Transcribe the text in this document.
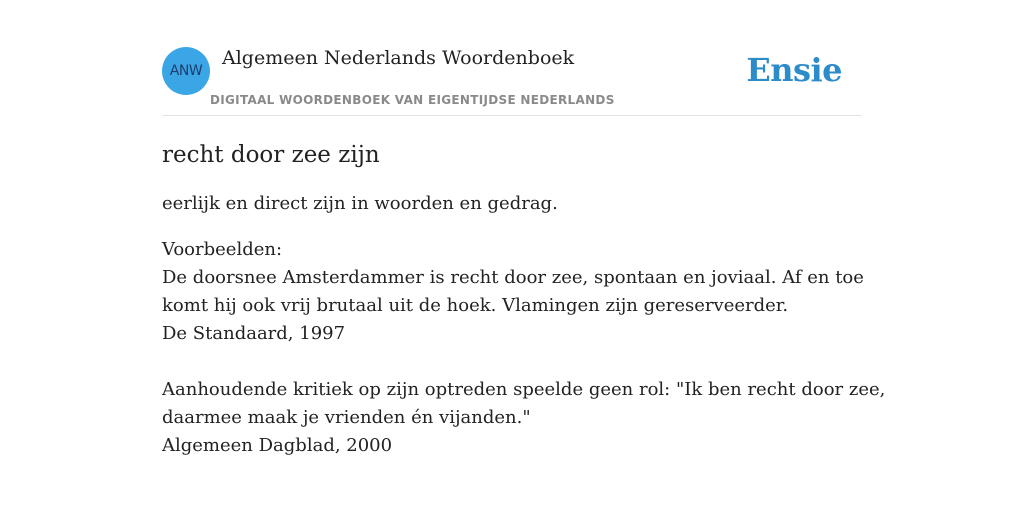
ANW
Algemeen Nederlands Woordenboek
DIGITAAL WOORDENBOEK VAN EIGENTIJDSE NEDERLANDS
Ensie
recht door zee zijn

eerlijk en direct zijn in woorden en gedrag.

Voorbeelden:
De doorsnee Amsterdammer is recht door zee, spontaan en joviaal. Af en toe
komt hij ook vrij brutaal uit de hoek. Vlamingen zijn gereserveerder.
De Standaard, 1997
Aanhoudende kritiek op zijn optreden speelde geen rol: "Ik ben recht door zee,
daarmee maak je vrienden én vijanden."
Algemeen Dagblad, 2000
